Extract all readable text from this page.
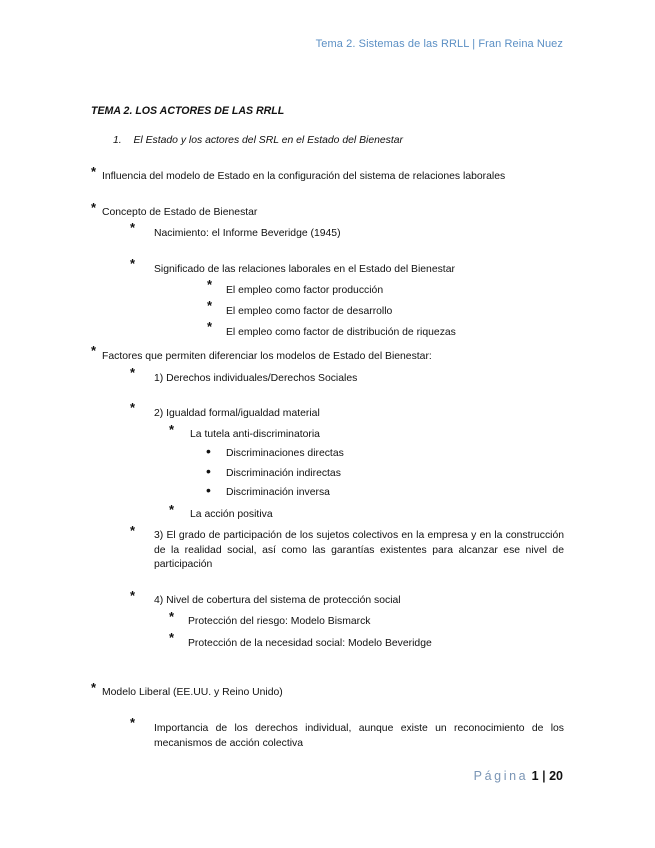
Tema 2. Sistemas de las RRLL | Fran Reina Nuez
TEMA 2. LOS ACTORES DE LAS RRLL
1. El Estado y los actores del SRL en el Estado del Bienestar
* Influencia del modelo de Estado en la configuración del sistema de relaciones laborales
* Concepto de Estado de Bienestar
* Nacimiento: el Informe Beveridge (1945)
* Significado de las relaciones laborales en el Estado del Bienestar
* El empleo como factor producción
* El empleo como factor de desarrollo
* El empleo como factor de distribución de riquezas
* Factores que permiten diferenciar los modelos de Estado del Bienestar:
* 1) Derechos individuales/Derechos Sociales
* 2) Igualdad formal/igualdad material
* La tutela anti-discriminatoria
• Discriminaciones directas
• Discriminación indirectas
• Discriminación inversa
* La acción positiva
* 3) El grado de participación de los sujetos colectivos en la empresa y en la construcción de la realidad social, así como las garantías existentes para alcanzar ese nivel de participación
* 4) Nivel de cobertura del sistema de protección social
* Protección del riesgo: Modelo Bismarck
* Protección de la necesidad social: Modelo Beveridge
* Modelo Liberal (EE.UU. y Reino Unido)
* Importancia de los derechos individual, aunque existe un reconocimiento de los mecanismos de acción colectiva
Página 1 | 20
